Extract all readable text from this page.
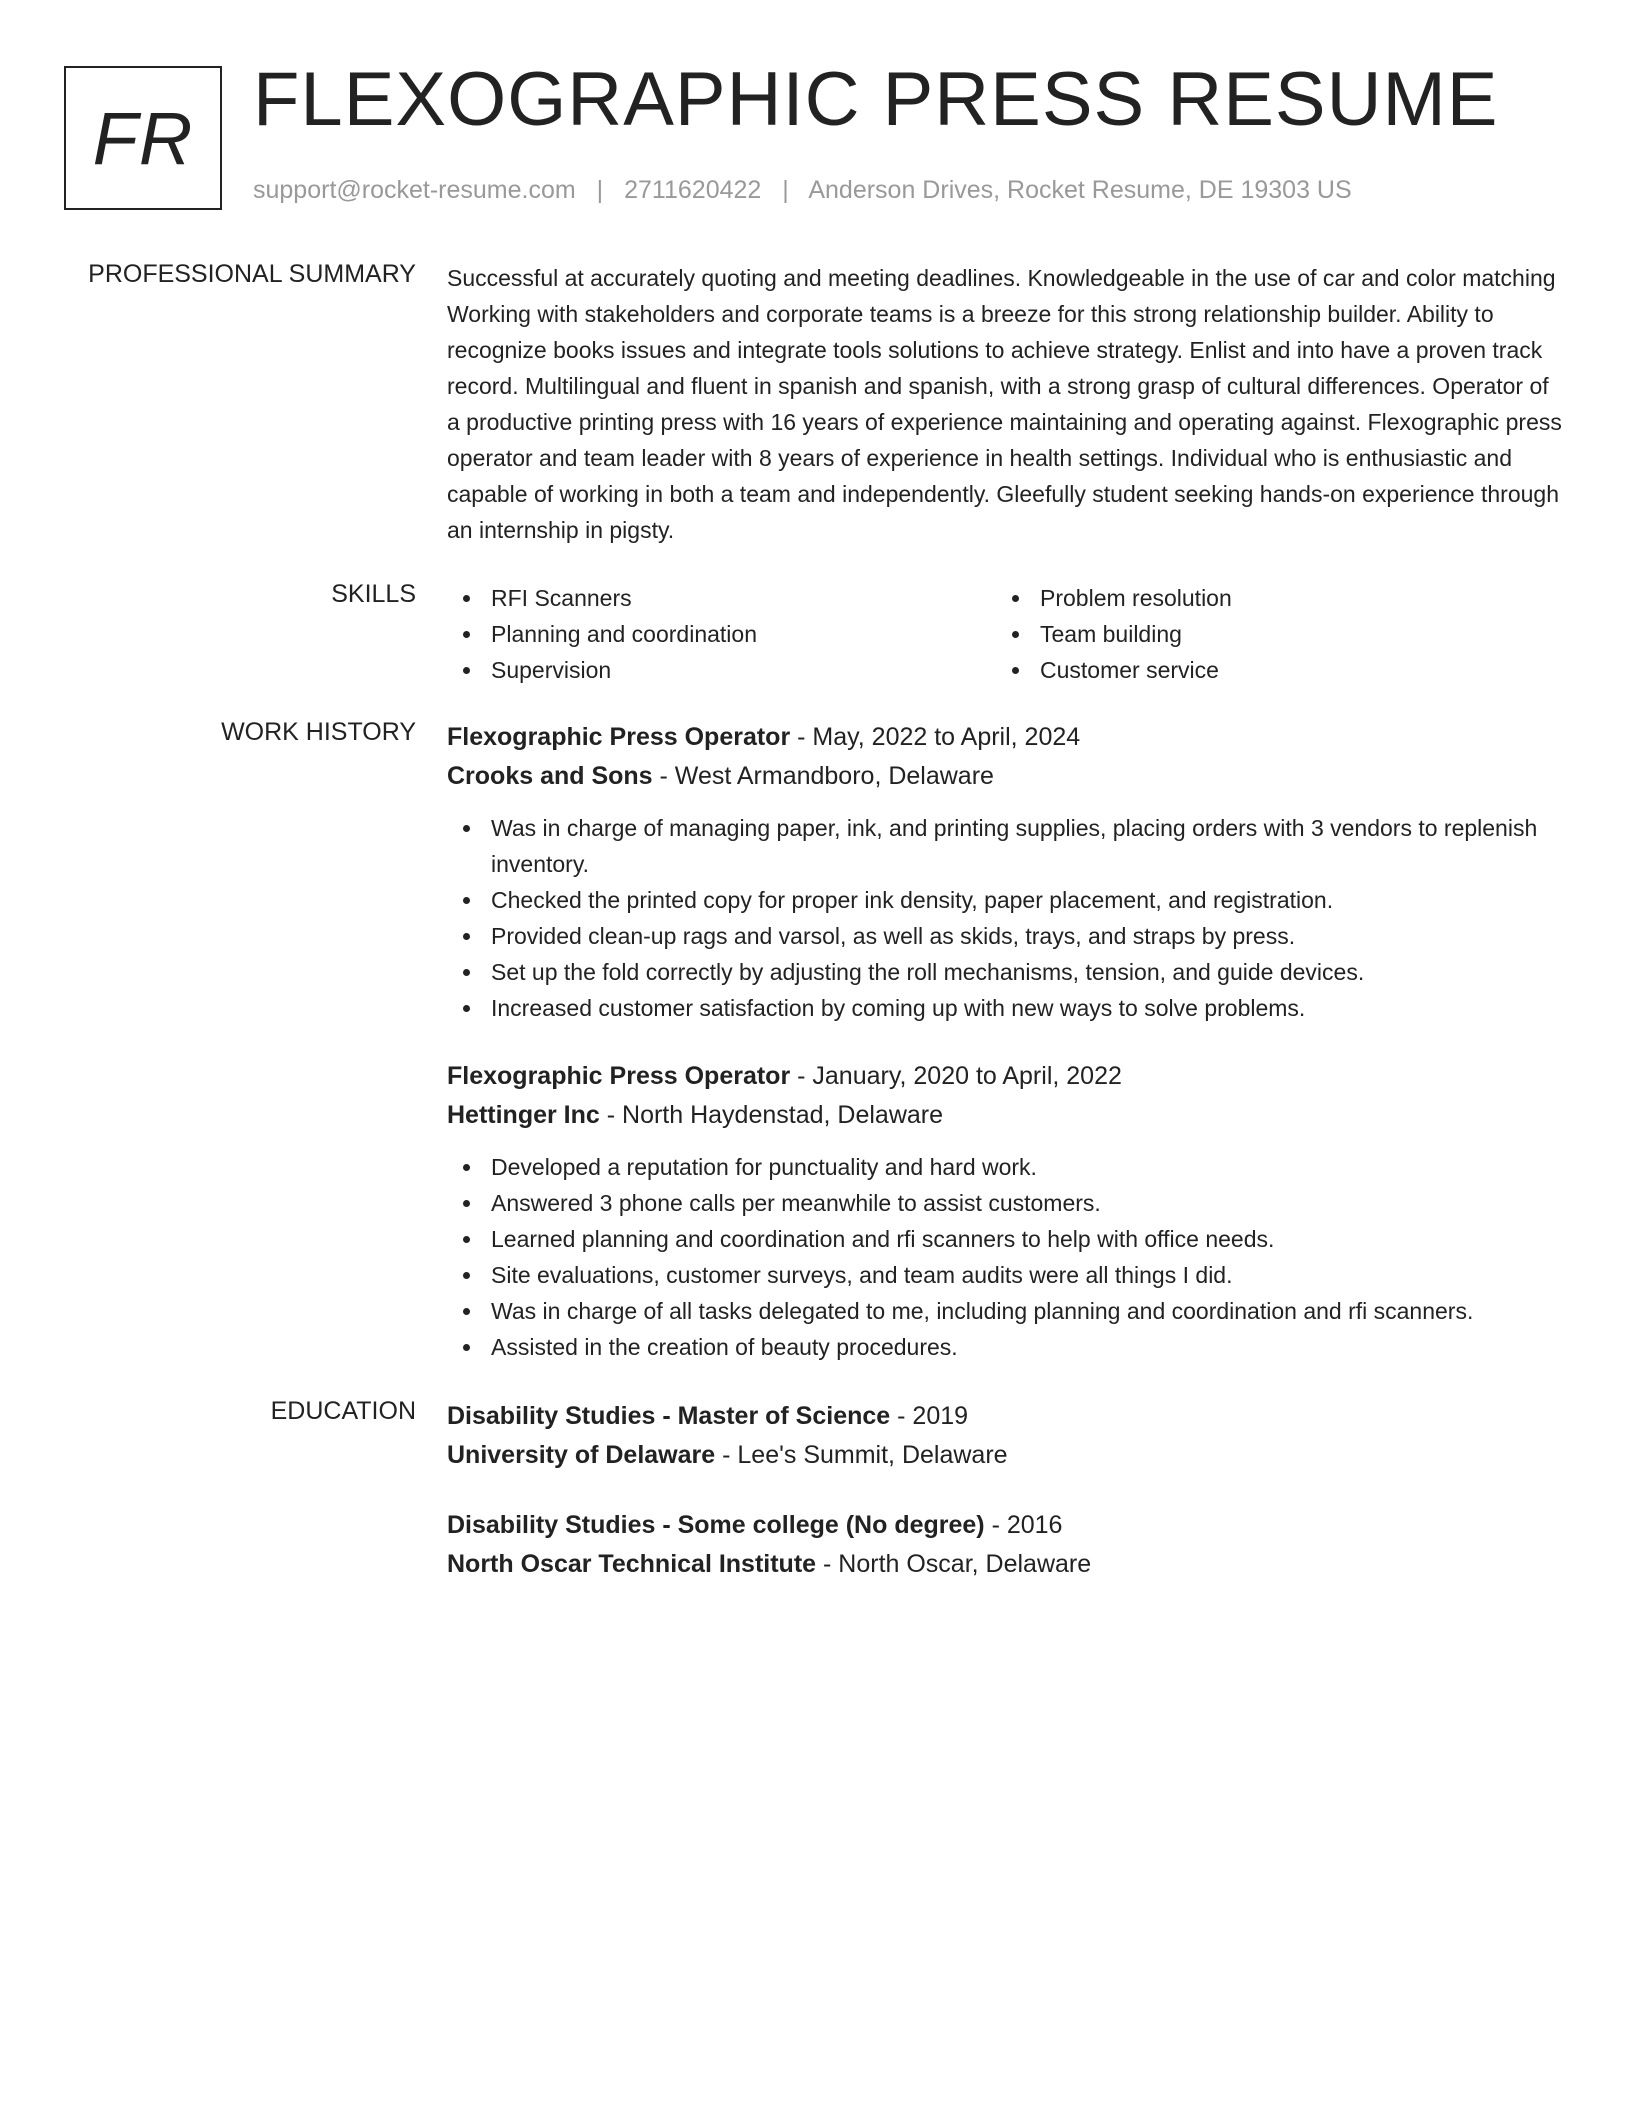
FR FLEXOGRAPHIC PRESS RESUME
support@rocket-resume.com | 2711620422 | Anderson Drives, Rocket Resume, DE 19303 US
PROFESSIONAL SUMMARY Successful at accurately quoting and meeting deadlines. Knowledgeable in the use of car and color matching Working with stakeholders and corporate teams is a breeze for this strong relationship builder. Ability to recognize books issues and integrate tools solutions to achieve strategy. Enlist and into have a proven track record. Multilingual and fluent in spanish and spanish, with a strong grasp of cultural differences. Operator of a productive printing press with 16 years of experience maintaining and operating against. Flexographic press operator and team leader with 8 years of experience in health settings. Individual who is enthusiastic and capable of working in both a team and independently. Gleefully student seeking hands-on experience through an internship in pigsty.

SKILLS	RFI Scanners
Planning and coordination
Supervision
Problem resolution
Team building
Customer service
WORK HISTORY Flexographic Press Operator - May, 2022 to April, 2024
Crooks and Sons - West Armandboro, Delaware
Was in charge of managing paper, ink, and printing supplies, placing orders with 3 vendors to replenish inventory.
Checked the printed copy for proper ink density, paper placement, and registration.
Provided clean-up rags and varsol, as well as skids, trays, and straps by press.
Set up the fold correctly by adjusting the roll mechanisms, tension, and guide devices.
Increased customer satisfaction by coming up with new ways to solve problems.
Flexographic Press Operator - January, 2020 to April, 2022
Hettinger Inc - North Haydenstad, Delaware
Developed a reputation for punctuality and hard work.
Answered 3 phone calls per meanwhile to assist customers.
Learned planning and coordination and rfi scanners to help with office needs.
Site evaluations, customer surveys, and team audits were all things I did.
Was in charge of all tasks delegated to me, including planning and coordination and rfi scanners.
Assisted in the creation of beauty procedures.
EDUCATION Disability Studies - Master of Science - 2019
University of Delaware - Lee's Summit, Delaware
Disability Studies - Some college (No degree) - 2016
North Oscar Technical Institute - North Oscar, Delaware
